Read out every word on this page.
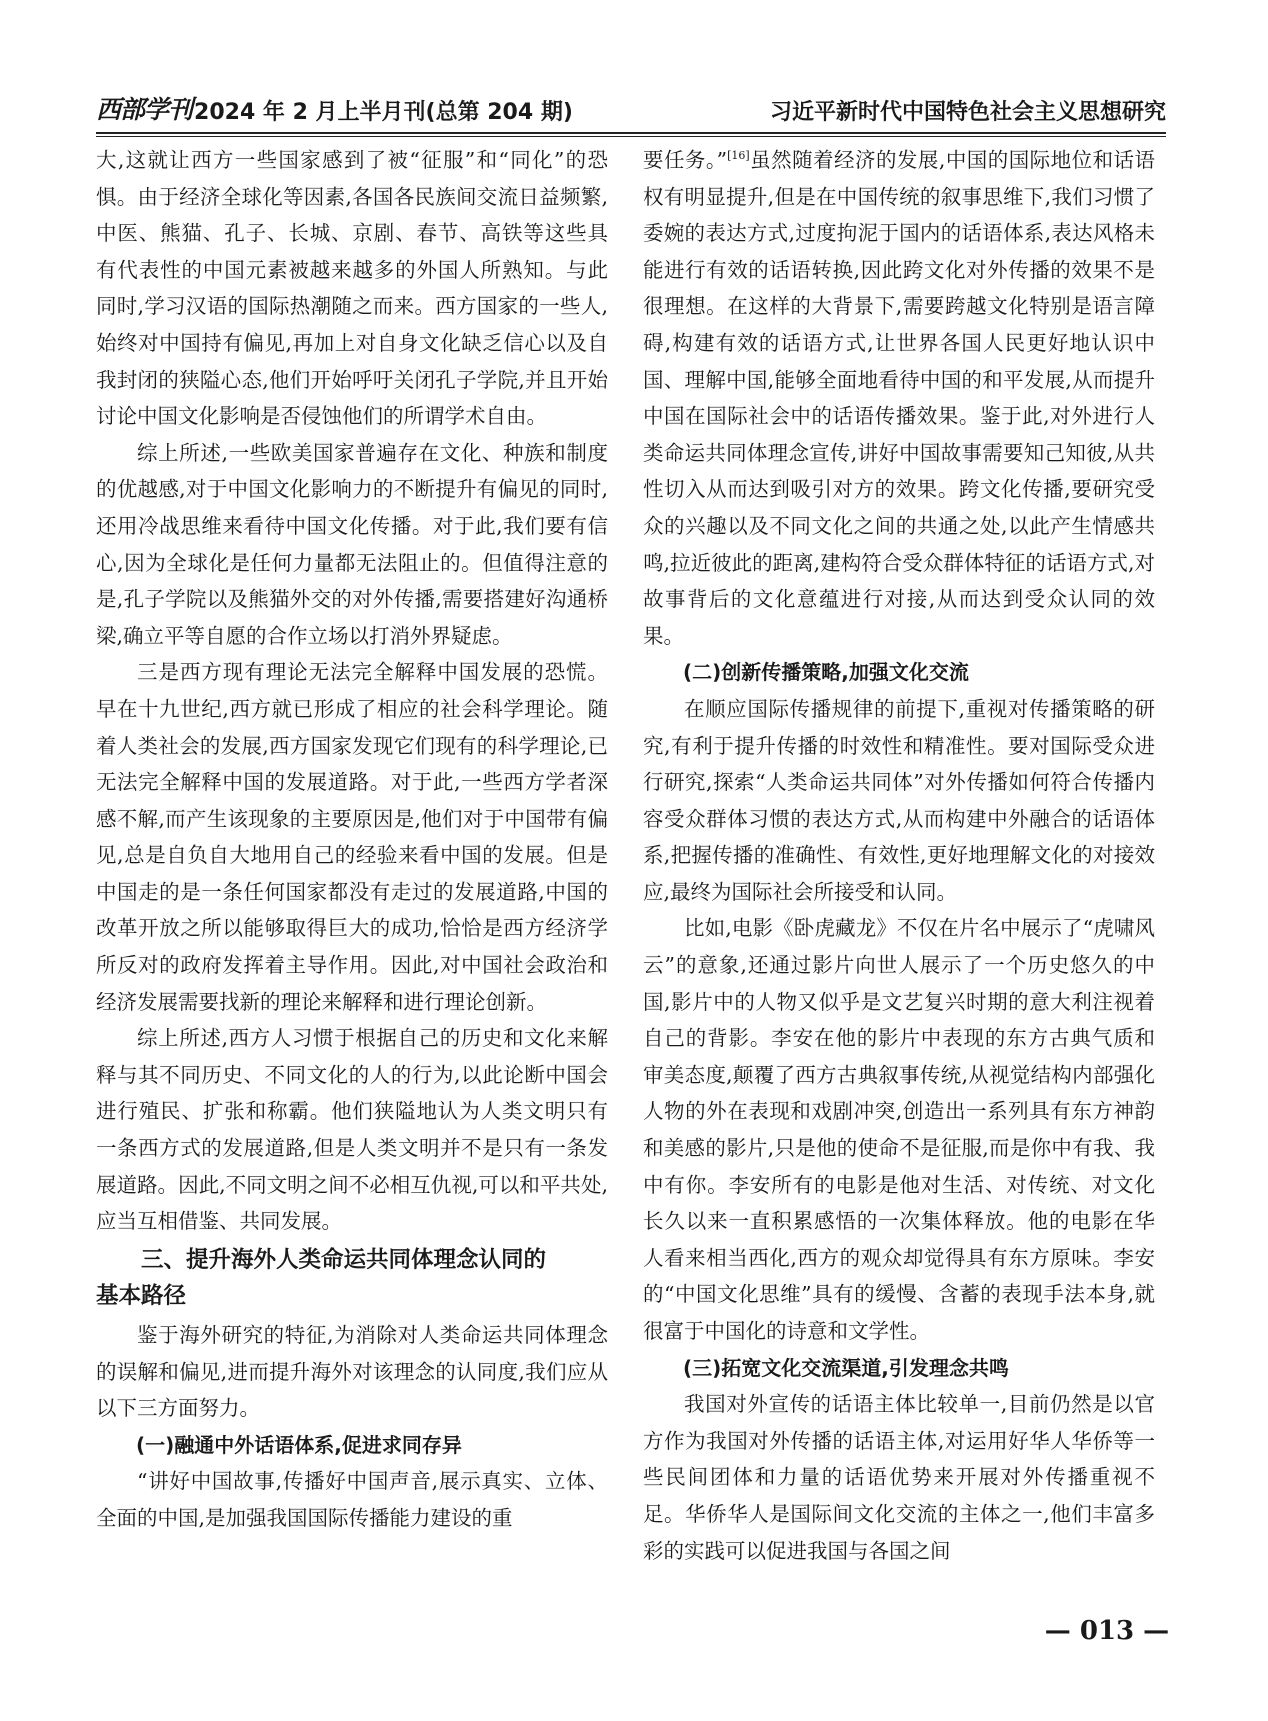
西部学刊 2024 年 2 月上半月刊(总第 204 期)	习近平新时代中国特色社会主义思想研究

大,这就让西方一些国家感到了被“征服”和“同化”的恐惧。由于经济全球化等因素,各国各民族间交流日益频繁,中医、熊猫、孔子、长城、京剧、春节、高铁等这些具有代表性的中国元素被越来越多的外国人所熟知。与此同时,学习汉语的国际热潮随之而来。西方国家的一些人,始终对中国持有偏见,再加上对自身文化缺乏信心以及自我封闭的狭隘心态,他们开始呼吁关闭孔子学院,并且开始讨论中国文化影响是否侵蚀他们的所谓学术自由。

综上所述,一些欧美国家普遍存在文化、种族和制度的优越感,对于中国文化影响力的不断提升有偏见的同时,还用冷战思维来看待中国文化传播。对于此,我们要有信心,因为全球化是任何力量都无法阻止的。但值得注意的是,孔子学院以及熊猫外交的对外传播,需要搭建好沟通桥梁,确立平等自愿的合作立场以打消外界疑虑。

三是西方现有理论无法完全解释中国发展的恐慌。早在十九世纪,西方就已形成了相应的社会科学理论。随着人类社会的发展,西方国家发现它们现有的科学理论,已无法完全解释中国的发展道路。对于此,一些西方学者深感不解,而产生该现象的主要原因是,他们对于中国带有偏见,总是自负自大地用自己的经验来看中国的发展。但是中国走的是一条任何国家都没有走过的发展道路,中国的改革开放之所以能够取得巨大的成功,恰恰是西方经济学所反对的政府发挥着主导作用。因此,对中国社会政治和经济发展需要找新的理论来解释和进行理论创新。

综上所述,西方人习惯于根据自己的历史和文化来解释与其不同历史、不同文化的人的行为,以此论断中国会进行殖民、扩张和称霸。他们狭隘地认为人类文明只有一条西方式的发展道路,但是人类文明并不是只有一条发展道路。因此,不同文明之间不必相互仇视,可以和平共处,应当互相借鉴、共同发展。

三、提升海外人类命运共同体理念认同的
基本路径

鉴于海外研究的特征,为消除对人类命运共同体理念的误解和偏见,进而提升海外对该理念的认同度,我们应从以下三方面努力。

(一)融通中外话语体系,促进求同存异

“讲好中国故事,传播好中国声音,展示真实、立体、全面的中国,是加强我国国际传播能力建设的重

要任务。”[16]虽然随着经济的发展,中国的国际地位和话语权有明显提升,但是在中国传统的叙事思维下,我们习惯了委婉的表达方式,过度拘泥于国内的话语体系,表达风格未能进行有效的话语转换,因此跨文化对外传播的效果不是很理想。在这样的大背景下,需要跨越文化特别是语言障碍,构建有效的话语方式,让世界各国人民更好地认识中国、理解中国,能够全面地看待中国的和平发展,从而提升中国在国际社会中的话语传播效果。鉴于此,对外进行人类命运共同体理念宣传,讲好中国故事需要知己知彼,从共性切入从而达到吸引对方的效果。跨文化传播,要研究受众的兴趣以及不同文化之间的共通之处,以此产生情感共鸣,拉近彼此的距离,建构符合受众群体特征的话语方式,对故事背后的文化意蕴进行对接,从而达到受众认同的效果。

(二)创新传播策略,加强文化交流

在顺应国际传播规律的前提下,重视对传播策略的研究,有利于提升传播的时效性和精准性。要对国际受众进行研究,探索“人类命运共同体”对外传播如何符合传播内容受众群体习惯的表达方式,从而构建中外融合的话语体系,把握传播的准确性、有效性,更好地理解文化的对接效应,最终为国际社会所接受和认同。

比如,电影《卧虎藏龙》不仅在片名中展示了“虎啸风云”的意象,还通过影片向世人展示了一个历史悠久的中国,影片中的人物又似乎是文艺复兴时期的意大利注视着自己的背影。李安在他的影片中表现的东方古典气质和审美态度,颠覆了西方古典叙事传统,从视觉结构内部强化人物的外在表现和戏剧冲突,创造出一系列具有东方神韵和美感的影片,只是他的使命不是征服,而是你中有我、我中有你。李安所有的电影是他对生活、对传统、对文化长久以来一直积累感悟的一次集体释放。他的电影在华人看来相当西化,西方的观众却觉得具有东方原味。李安的“中国文化思维”具有的缓慢、含蓄的表现手法本身,就很富于中国化的诗意和文学性。

(三)拓宽文化交流渠道,引发理念共鸣

我国对外宣传的话语主体比较单一,目前仍然是以官方作为我国对外传播的话语主体,对运用好华人华侨等一些民间团体和力量的话语优势来开展对外传播重视不足。华侨华人是国际间文化交流的主体之一,他们丰富多彩的实践可以促进我国与各国之间

— 013 —
